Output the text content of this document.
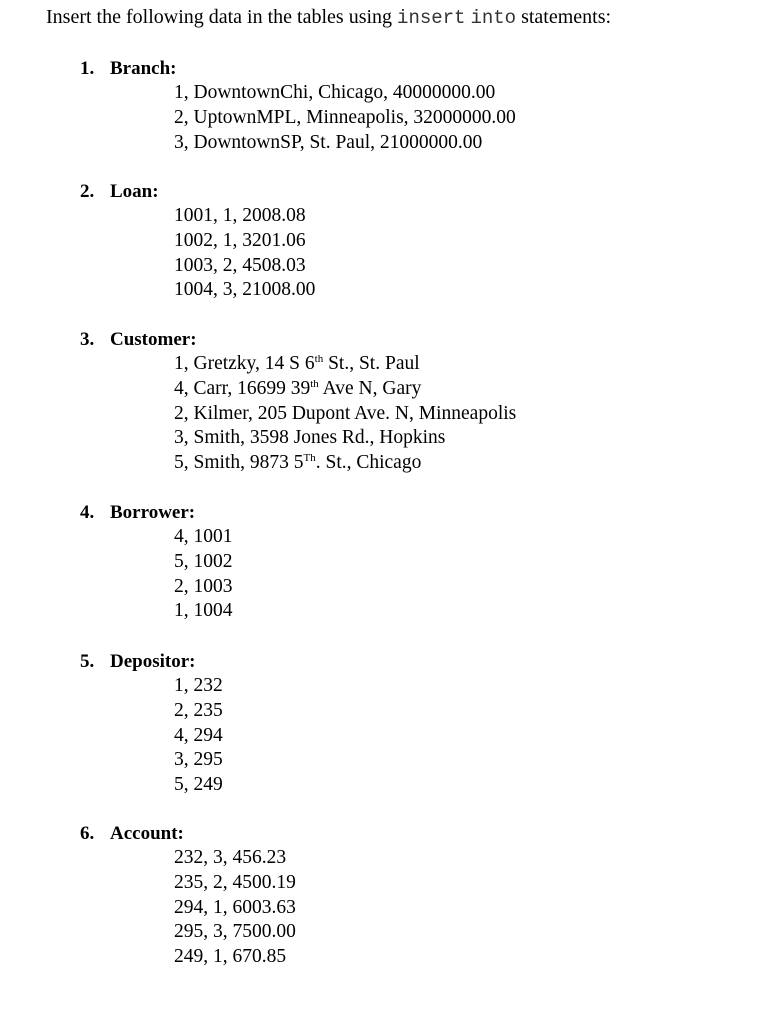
Insert the following data in the tables using insert into statements:
1. Branch:
1, DowntownChi, Chicago, 40000000.00
2, UptownMPL, Minneapolis, 32000000.00
3, DowntownSP, St. Paul, 21000000.00
2. Loan:
1001, 1, 2008.08
1002, 1, 3201.06
1003, 2, 4508.03
1004, 3, 21008.00
3. Customer:
1, Gretzky, 14 S 6th St., St. Paul
4, Carr, 16699 39th Ave N, Gary
2, Kilmer, 205 Dupont Ave. N, Minneapolis
3, Smith, 3598 Jones Rd., Hopkins
5, Smith, 9873 5Th. St., Chicago
4. Borrower:
4, 1001
5, 1002
2, 1003
1, 1004
5. Depositor:
1, 232
2, 235
4, 294
3, 295
5, 249
6. Account:
232, 3, 456.23
235, 2, 4500.19
294, 1, 6003.63
295, 3, 7500.00
249, 1, 670.85
